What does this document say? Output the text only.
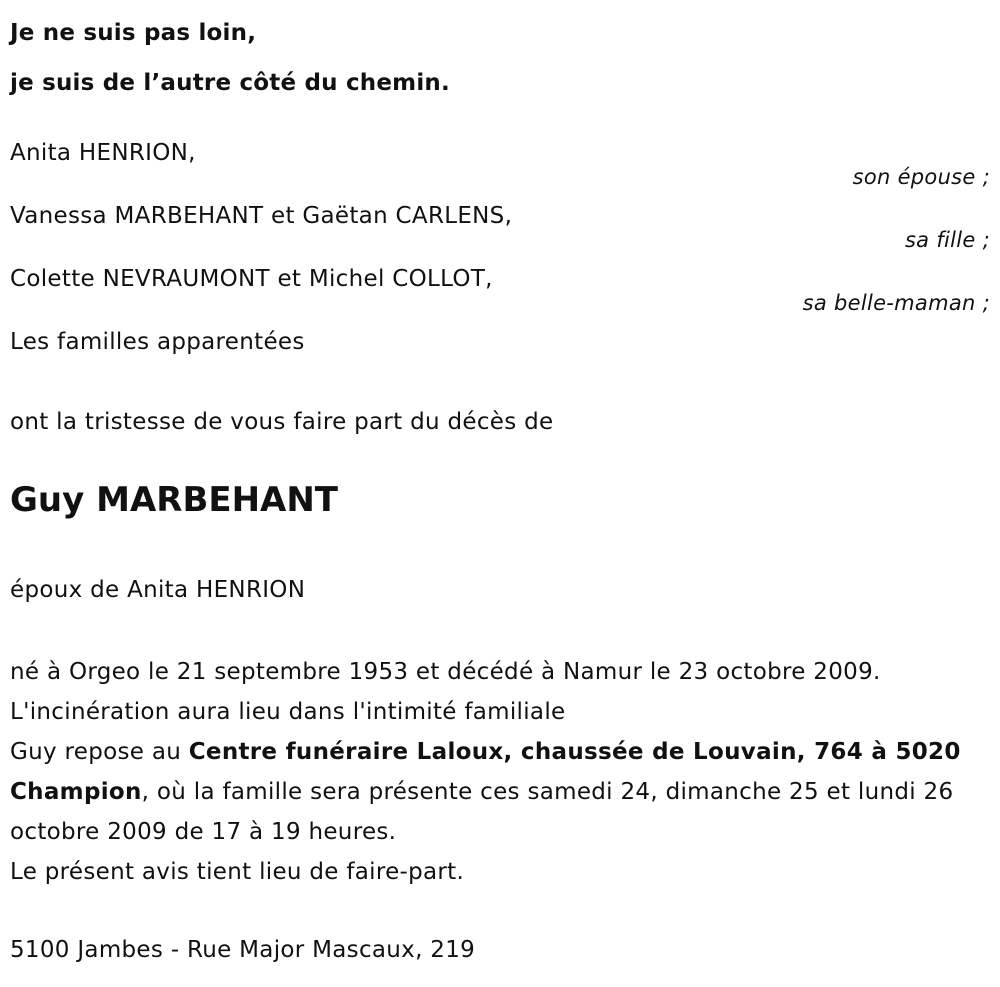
Je ne suis pas loin,
je suis de l’autre côté du chemin.
Anita HENRION,
son épouse ;
Vanessa MARBEHANT et Gaëtan CARLENS,
sa fille ;
Colette NEVRAUMONT et Michel COLLOT,
sa belle-maman ;
Les familles apparentées
ont la tristesse de vous faire part du décès de
Guy MARBEHANT
époux de Anita HENRION

né à Orgeo le 21 septembre 1953 et décédé à Namur le 23 octobre 2009.

L'incinération aura lieu dans l'intimité familiale

Guy repose au Centre funéraire Laloux, chaussée de Louvain, 764 à 5020 Champion, où la famille sera présente ces samedi 24, dimanche 25 et lundi 26 octobre 2009 de 17 à 19 heures.

Le présent avis tient lieu de faire-part.

5100 Jambes - Rue Major Mascaux, 219
